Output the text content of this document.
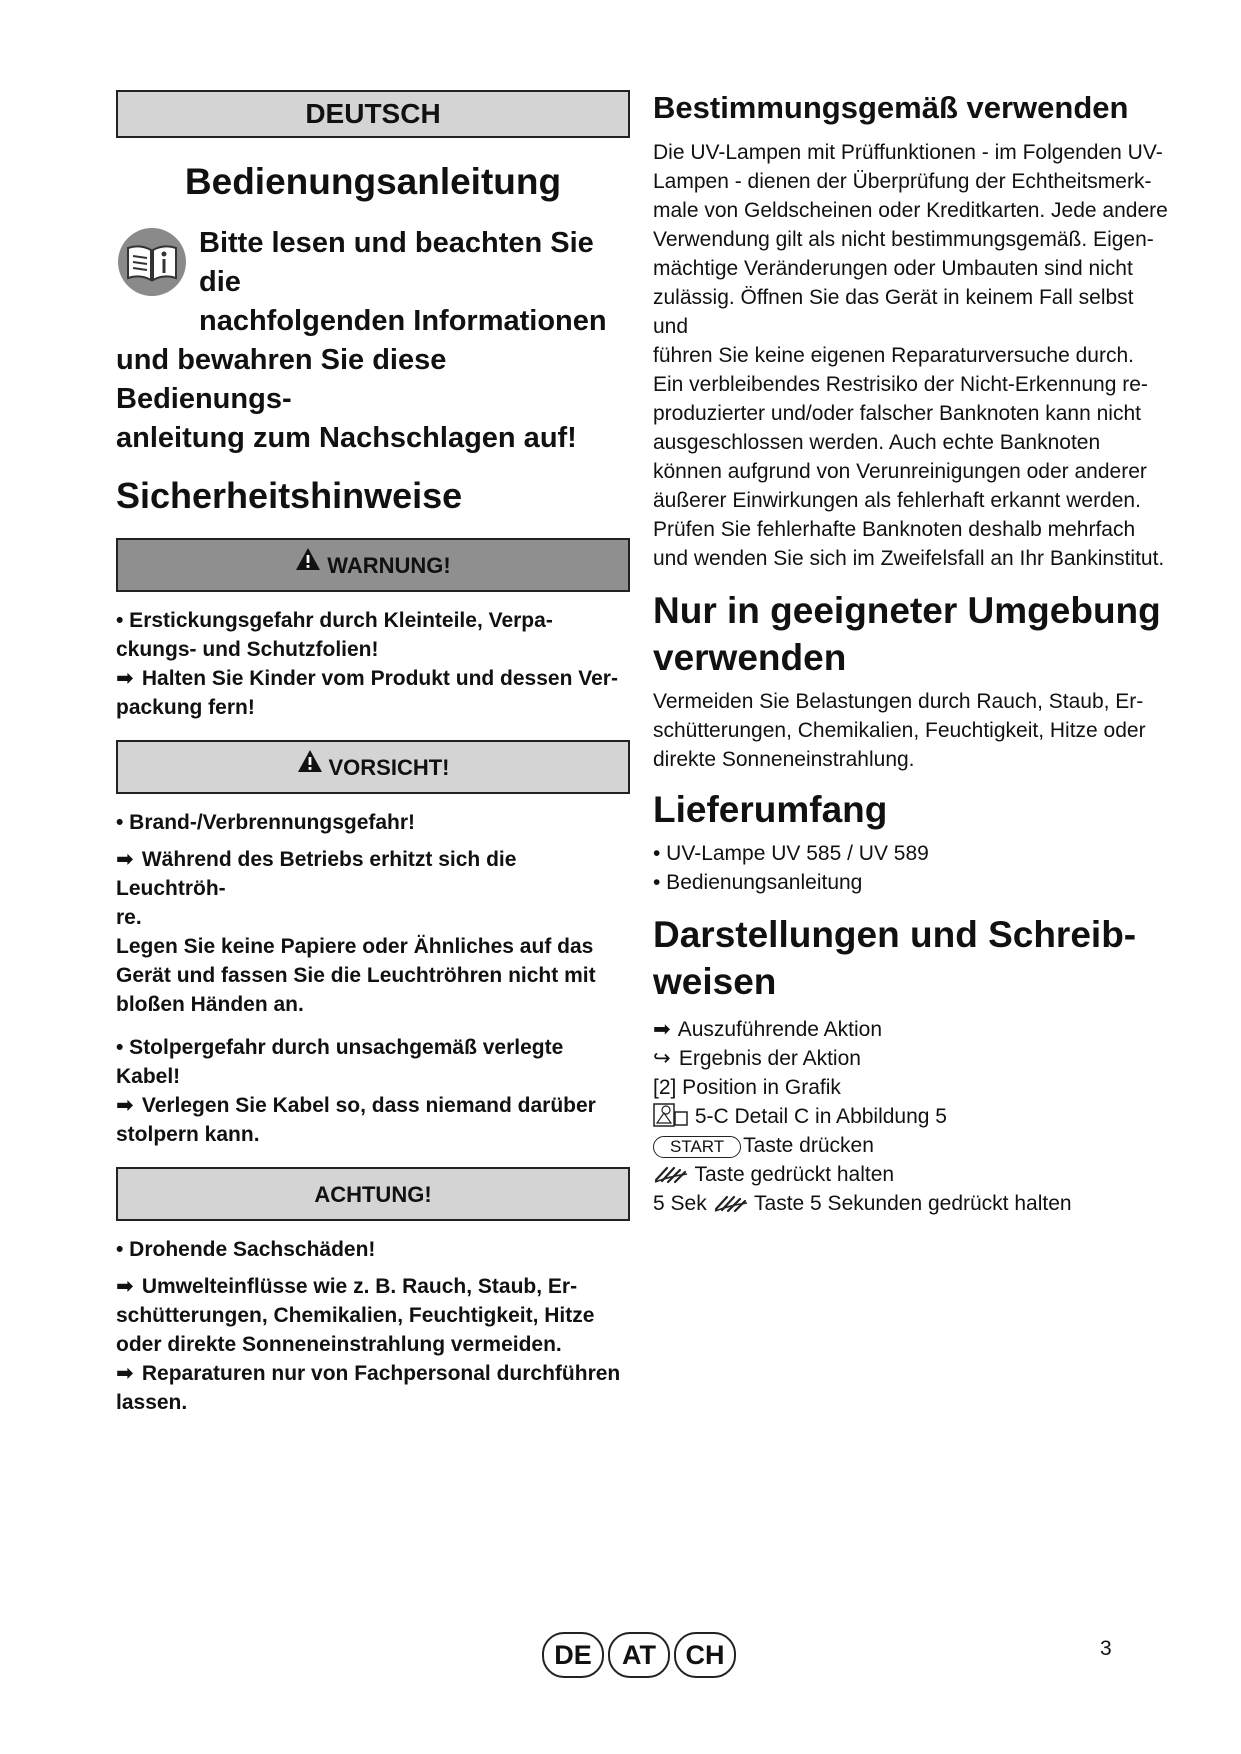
DEUTSCH
Bedienungsanleitung
Bitte lesen und beachten Sie die
nachfolgenden Informationen
und bewahren Sie diese Bedienungs-
anleitung zum Nachschlagen auf!
Sicherheitshinweise
WARNUNG!

• Erstickungsgefahr durch Kleinteile, Verpa-

ckungs- und Schutzfolien!

➡ Halten Sie Kinder vom Produkt und dessen Ver-

packung fern!

VORSICHT!

• Brand-/Verbrennungsgefahr!

➡ Während des Betriebs erhitzt sich die Leuchtröh-

re.

Legen Sie keine Papiere oder Ähnliches auf das

Gerät und fassen Sie die Leuchtröhren nicht mit

bloßen Händen an.

• Stolpergefahr durch unsachgemäß verlegte

Kabel!

➡ Verlegen Sie Kabel so, dass niemand darüber

stolpern kann.

ACHTUNG!

• Drohende Sachschäden!

➡ Umwelteinflüsse wie z. B. Rauch, Staub, Er-

schütterungen, Chemikalien, Feuchtigkeit, Hitze

oder direkte Sonneneinstrahlung vermeiden.

➡ Reparaturen nur von Fachpersonal durchführen

lassen.

Bestimmungsgemäß verwenden

Die UV-Lampen mit Prüffunktionen - im Folgenden UV-

Lampen - dienen der Überprüfung der Echtheitsmerk-

male von Geldscheinen oder Kreditkarten. Jede andere

Verwendung gilt als nicht bestimmungsgemäß. Eigen-

mächtige Veränderungen oder Umbauten sind nicht

zulässig. Öffnen Sie das Gerät in keinem Fall selbst und

führen Sie keine eigenen Reparaturversuche durch.

Ein verbleibendes Restrisiko der Nicht-Erkennung re-

produzierter und/oder falscher Banknoten kann nicht

ausgeschlossen werden. Auch echte Banknoten

können aufgrund von Verunreinigungen oder anderer

äußerer Einwirkungen als fehlerhaft erkannt werden.

Prüfen Sie fehlerhafte Banknoten deshalb mehrfach

und wenden Sie sich im Zweifelsfall an Ihr Bankinstitut.

Nur in geeigneter Umgebung
verwenden

Vermeiden Sie Belastungen durch Rauch, Staub, Er-

schütterungen, Chemikalien, Feuchtigkeit, Hitze oder

direkte Sonneneinstrahlung.

Lieferumfang

• UV-Lampe UV 585 / UV 589

• Bedienungsanleitung

Darstellungen und Schreib-
weisen

➡ Auszuführende Aktion

↪ Ergebnis der Aktion

[2] Position in Grafik

5-C Detail C in Abbildung 5

START Taste drücken

Taste gedrückt halten

5 Sek Taste 5 Sekunden gedrückt halten

DE	AT	CH	3
